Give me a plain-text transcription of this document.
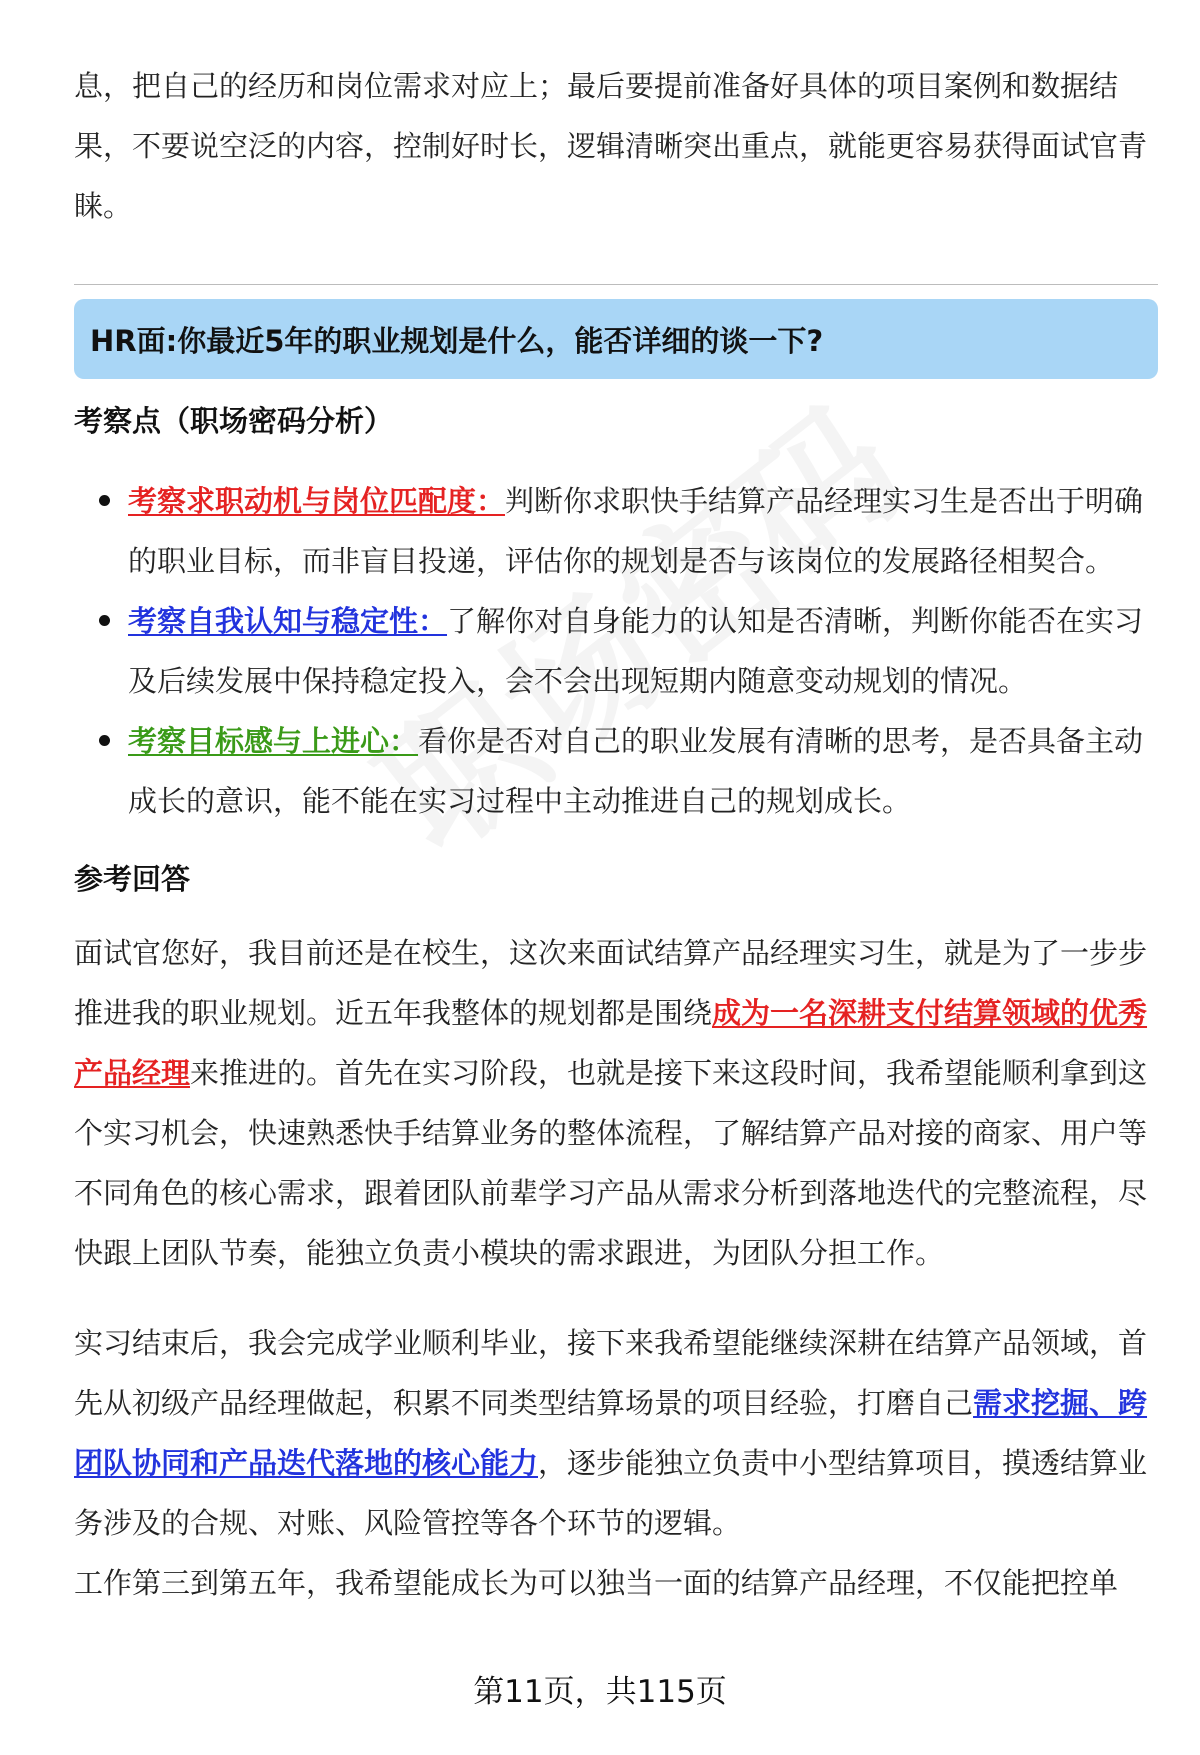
息，把自己的经历和岗位需求对应上；最后要提前准备好具体的项目案例和数据结果，不要说空泛的内容，控制好时长，逻辑清晰突出重点，就能更容易获得面试官青睐。

HR面:你最近5年的职业规划是什么，能否详细的谈一下?
考察点（职场密码分析）
考察求职动机与岗位匹配度：判断你求职快手结算产品经理实习生是否出于明确的职业目标，而非盲目投递，评估你的规划是否与该岗位的发展路径相契合。
考察自我认知与稳定性：了解你对自身能力的认知是否清晰，判断你能否在实习及后续发展中保持稳定投入，会不会出现短期内随意变动规划的情况。
考察目标感与上进心：看你是否对自己的职业发展有清晰的思考，是否具备主动成长的意识，能不能在实习过程中主动推进自己的规划成长。
参考回答

面试官您好，我目前还是在校生，这次来面试结算产品经理实习生，就是为了一步步推进我的职业规划。近五年我整体的规划都是围绕成为一名深耕支付结算领域的优秀产品经理来推进的。首先在实习阶段，也就是接下来这段时间，我希望能顺利拿到这个实习机会，快速熟悉快手结算业务的整体流程，了解结算产品对接的商家、用户等不同角色的核心需求，跟着团队前辈学习产品从需求分析到落地迭代的完整流程，尽快跟上团队节奏，能独立负责小模块的需求跟进，为团队分担工作。

实习结束后，我会完成学业顺利毕业，接下来我希望能继续深耕在结算产品领域，首先从初级产品经理做起，积累不同类型结算场景的项目经验，打磨自己需求挖掘、跨团队协同和产品迭代落地的核心能力，逐步能独立负责中小型结算项目，摸透结算业务涉及的合规、对账、风险管控等各个环节的逻辑。

工作第三到第五年，我希望能成长为可以独当一面的结算产品经理，不仅能把控单

第11页，共115页
